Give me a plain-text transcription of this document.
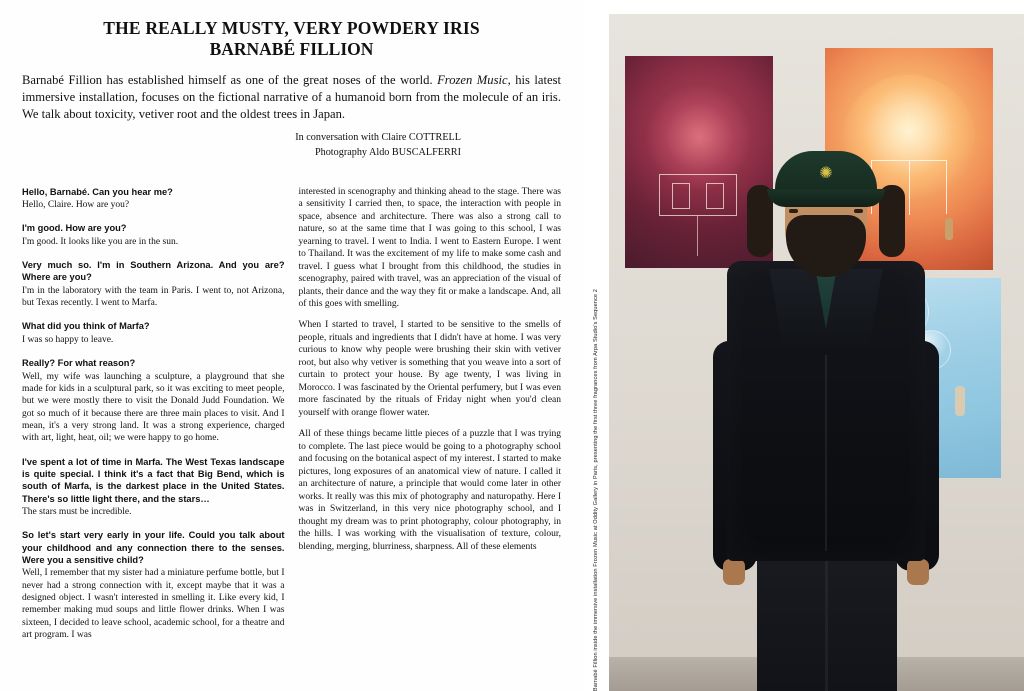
THE REALLY MUSTY, VERY POWDERY IRIS
BARNABÉ FILLION
Barnabé Fillion has established himself as one of the great noses of the world. Frozen Music, his latest immersive installation, focuses on the fictional narrative of a humanoid born from the molecule of an iris. We talk about toxicity, vetiver root and the oldest trees in Japan.
In conversation with Claire COTTRELL
Photography Aldo BUSCALFERRI
Hello, Barnabé. Can you hear me?
Hello, Claire. How are you?
I'm good. How are you?
I'm good. It looks like you are in the sun.
Very much so. I'm in Southern Arizona. And you are? Where are you?
I'm in the laboratory with the team in Paris. I went to, not Arizona, but Texas recently. I went to Marfa.
What did you think of Marfa?
I was so happy to leave.
Really? For what reason?
Well, my wife was launching a sculpture, a playground that she made for kids in a sculptural park, so it was exciting to meet people, but we were mostly there to visit the Donald Judd Foundation. We got so much of it because there are three main places to visit. And I mean, it's a very strong land. It was a strong experience, charged with art, light, heat, oil; we were happy to go home.
I've spent a lot of time in Marfa. The West Texas landscape is quite special. I think it's a fact that Big Bend, which is south of Marfa, is the darkest place in the United States. There's so little light there, and the stars…
The stars must be incredible.
So let's start very early in your life. Could you talk about your childhood and any connection there to the senses. Were you a sensitive child?
Well, I remember that my sister had a miniature perfume bottle, but I never had a strong connection with it, except maybe that it was a designed object. I wasn't interested in smelling it. Like every kid, I remember making mud soups and little flower drinks. When I was sixteen, I decided to leave school, academic school, for a theatre and art program. I was
interested in scenography and thinking ahead to the stage. There was a sensitivity I carried then, to space, the interaction with people in space, absence and architecture. There was also a strong call to nature, so at the same time that I was going to this school, I was yearning to travel. I went to India. I went to Eastern Europe. I went to Thailand. It was the excitement of my life to make some cash and travel. I guess what I brought from this childhood, the studies in scenography, paired with travel, was an appreciation of the visual of plants, their dance and the way they fit or make a landscape. And, all of this goes with smelling.
When I started to travel, I started to be sensitive to the smells of people, rituals and ingredients that I didn't have at home. I was very curious to know why people were brushing their skin with vetiver root, but also why vetiver is something that you weave into a sort of curtain to protect your house. By age twenty, I was living in Morocco. I was fascinated by the Oriental perfumery, but I was even more fascinated by the rituals of Friday night when you'd clean yourself with orange flower water.
All of these things became little pieces of a puzzle that I was trying to complete. The last piece would be going to a photography school and focusing on the botanical aspect of my interest. I started to make pictures, long exposures of an anatomical view of nature. I called it an architecture of nature, a principle that would come later in other works. It really was this mix of photography and naturopathy. Here I was in Switzerland, in this very nice photography school, and I thought my dream was to print photography, colour photography, in the hills. I was working with the visualisation of texture, colour, blending, merging, blurriness, sharpness. All of these elements	Barnabé Fillion inside the immersive installation Frozen Music at Oddity Gallery in Paris, presenting the first three fragrances from Arpa Studio's Sequence 2
✺
